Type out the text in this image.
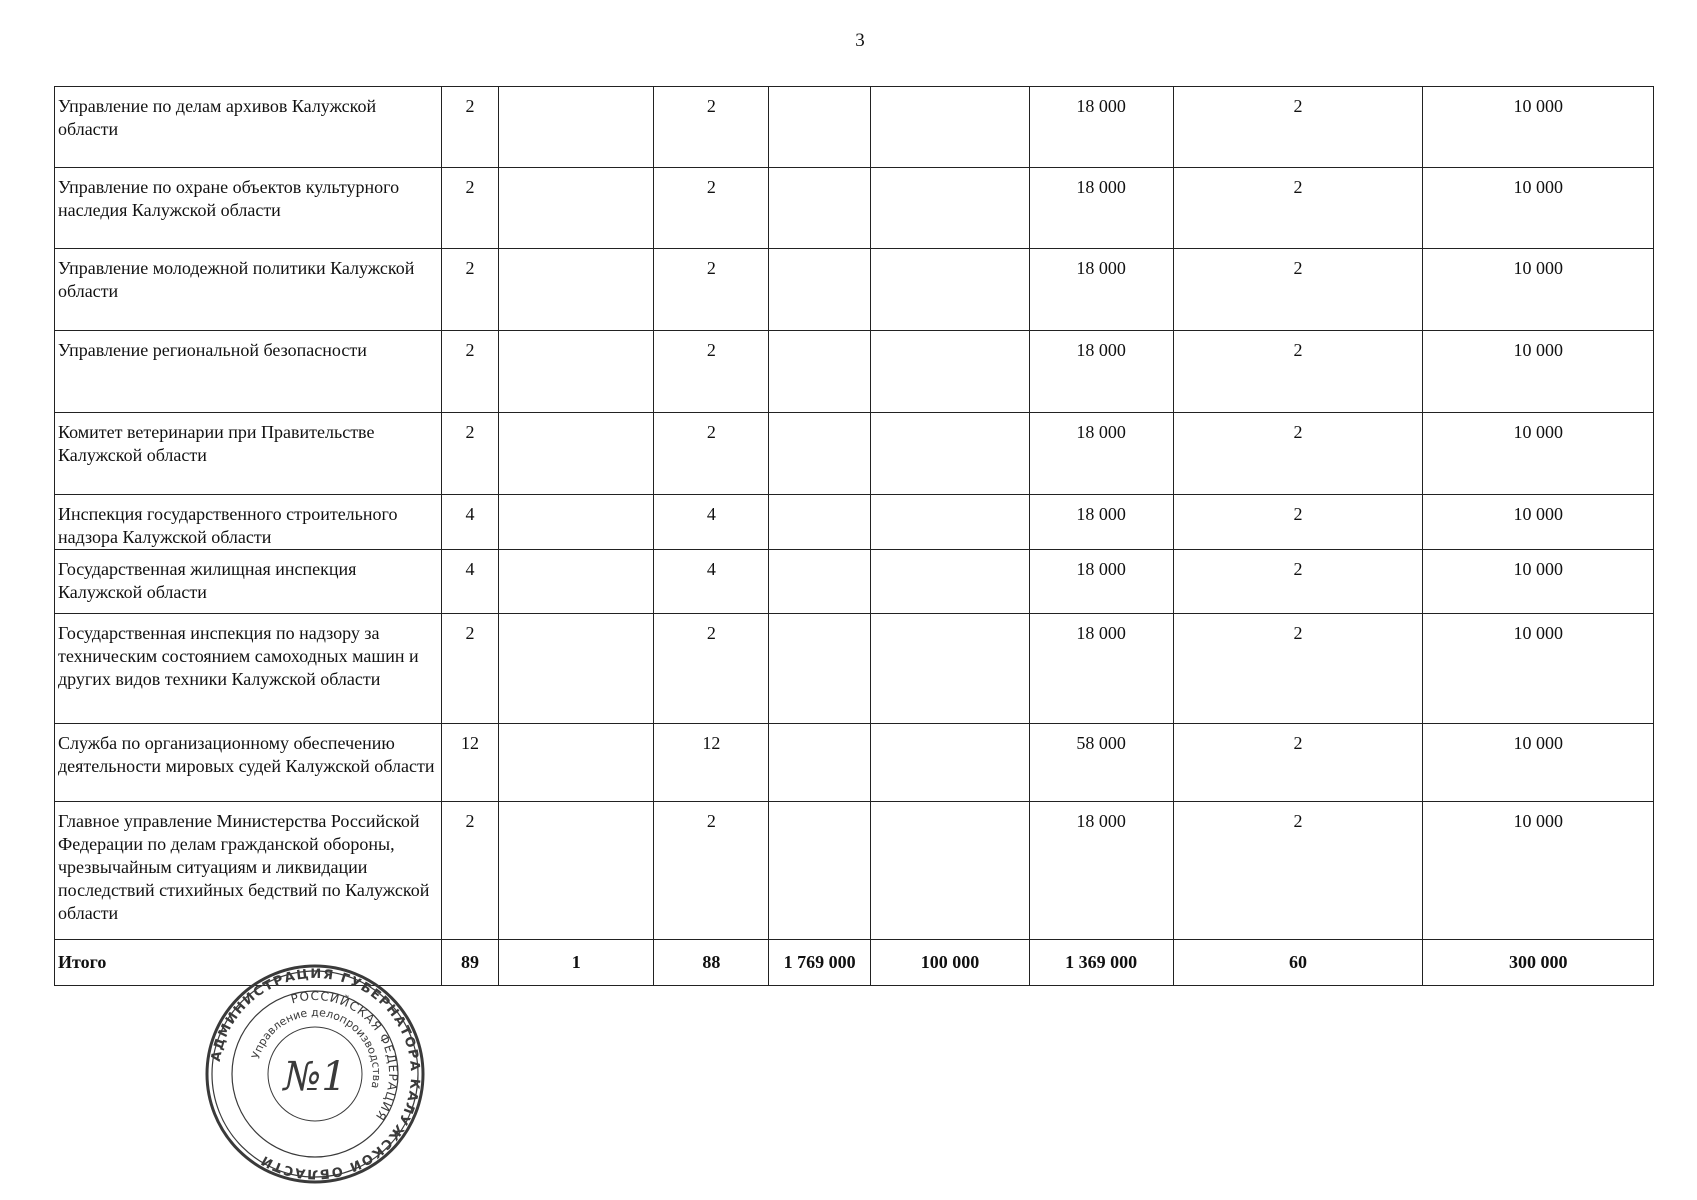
3
Управление по делам архивов Калужской области	2		2			18 000	2	10 000
Управление по охране объектов культурного наследия Калужской области	2		2			18 000	2	10 000
Управление молодежной политики Калужской области	2		2			18 000	2	10 000
Управление региональной безопасности	2		2			18 000	2	10 000
Комитет ветеринарии при Правительстве Калужской области	2		2			18 000	2	10 000
Инспекция государственного строительного надзора Калужской области	4		4			18 000	2	10 000
Государственная жилищная инспекция Калужской области	4		4			18 000	2	10 000
Государственная инспекция по надзору за техническим состоянием самоходных машин и других видов техники Калужской области	2		2			18 000	2	10 000
Служба по организационному обеспечению деятельности мировых судей Калужской области	12		12			58 000	2	10 000
Главное управление Министерства Российской Федерации по делам гражданской обороны, чрезвычайным ситуациям и ликвидации последствий стихийных бедствий по Калужской области	2		2			18 000	2	10 000
Итого	89	1	88	1 769 000	100 000	1 369 000	60	300 000
АДМИНИСТРАЦИЯ ГУБЕРНАТОРА КАЛУЖСКОЙ ОБЛАСТИ
РОССИЙСКАЯ ФЕДЕРАЦИЯ
Управление делопроизводства
№1
